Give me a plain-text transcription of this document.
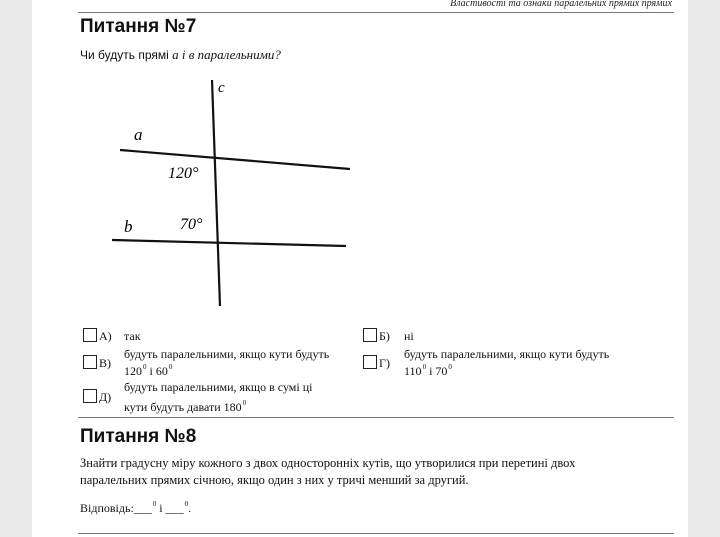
Властивості та ознаки паралельних прямих прямих
Питання №7
Чи будуть прямі a і в паралельними?
c
a
b
120°
70°
А) так	Б) ні
В)
будуть паралельними, якщо кути будуть
$120^0$ і $60^0$	Г)
будуть паралельними, якщо кути будуть
$110^0$ і $70^0$
Д)
будуть паралельними, якщо в сумі ці
кути будуть давати $180^0$
Питання №8
Знайти градусну міру кожного з двох односторонніх кутів, що утворилися при перетині двох
паралельних прямих січною, якщо один з них у тричі менший за другий.
Відповідь:___$^0$ і ___$^0$.
